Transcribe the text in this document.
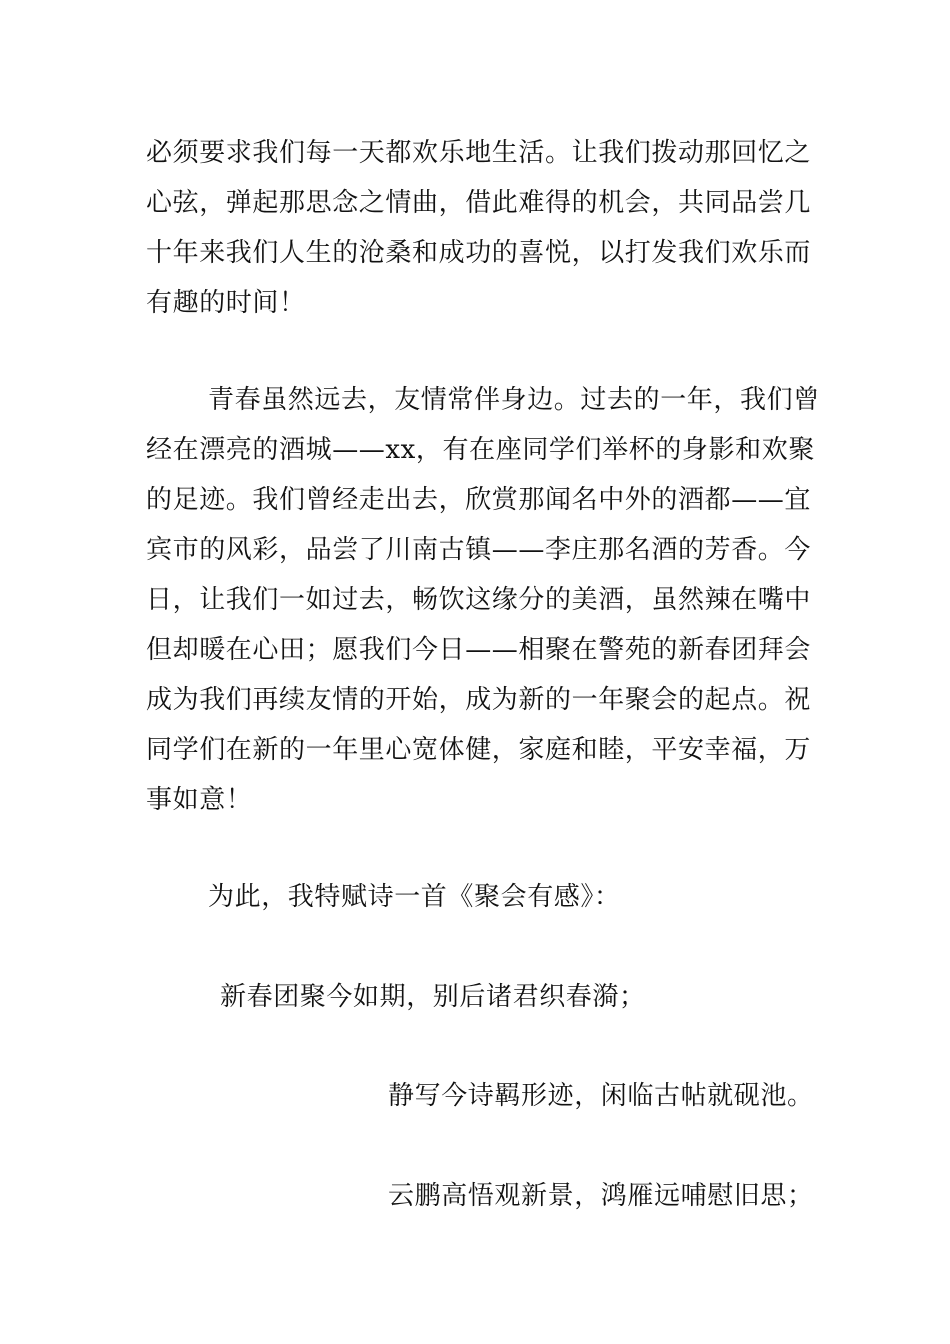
必须要求我们每一天都欢乐地生活。让我们拨动那回忆之
心弦，弹起那思念之情曲，借此难得的机会，共同品尝几
十年来我们人生的沧桑和成功的喜悦，以打发我们欢乐而
有趣的时间！
青春虽然远去，友情常伴身边。过去的一年，我们曾
经在漂亮的酒城——xx，有在座同学们举杯的身影和欢聚
的足迹。我们曾经走出去，欣赏那闻名中外的酒都——宜
宾市的风彩，品尝了川南古镇——李庄那名酒的芳香。今
日，让我们一如过去，畅饮这缘分的美酒，虽然辣在嘴中
但却暖在心田；愿我们今日——相聚在警苑的新春团拜会
成为我们再续友情的开始，成为新的一年聚会的起点。祝
同学们在新的一年里心宽体健，家庭和睦，平安幸福，万
事如意！

为此，我特赋诗一首《聚会有感》：

新春团聚今如期，别后诸君织春漪；

静写今诗羁形迹，闲临古帖就砚池。

云鹏高悟观新景，鸿雁远哺慰旧思；
